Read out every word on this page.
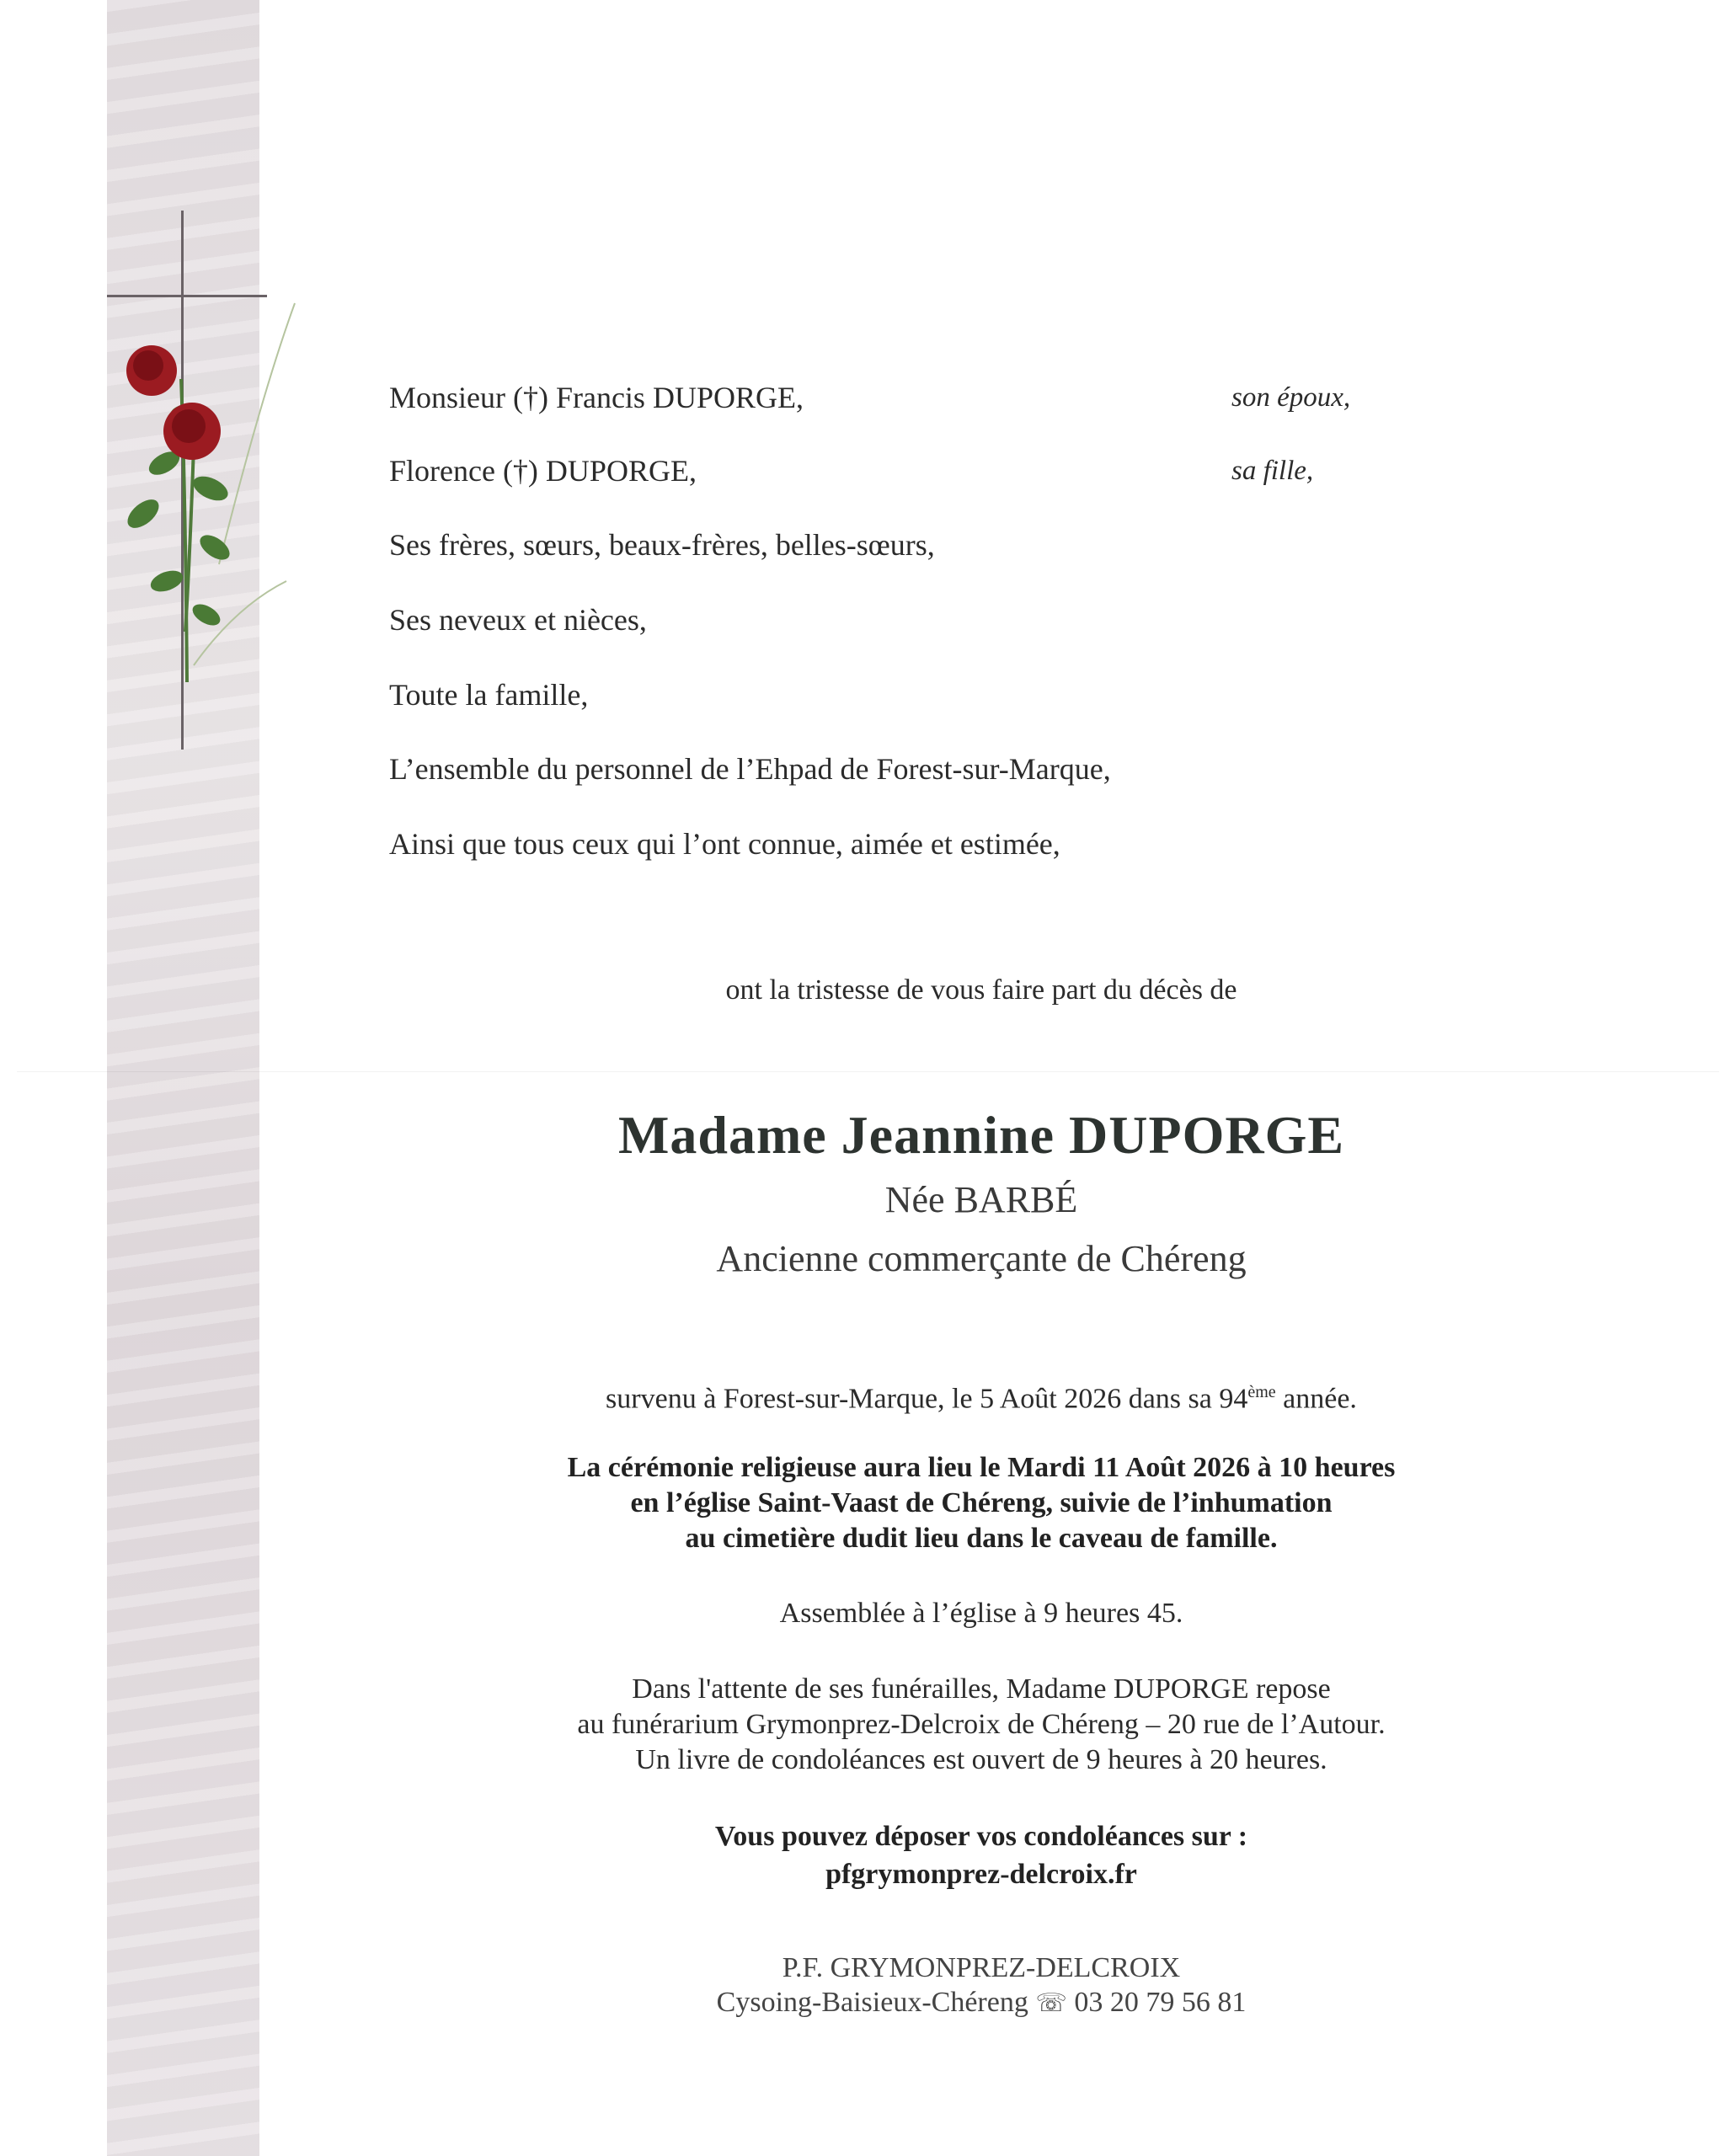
Monsieur (†) Francis DUPORGE,	son époux,
Florence (†) DUPORGE,	sa fille,
Ses frères, sœurs, beaux-frères, belles-sœurs,
Ses neveux et nièces,
Toute la famille,
L’ensemble du personnel de l’Ehpad de Forest-sur-Marque,
Ainsi que tous ceux qui l’ont connue, aimée et estimée,
ont la tristesse de vous faire part du décès de
Madame Jeannine DUPORGE
Née BARBÉ
Ancienne commerçante de Chéreng
survenu à Forest-sur-Marque, le 5 Août 2026 dans sa 94ème année.
La cérémonie religieuse aura lieu le Mardi 11 Août 2026 à 10 heures
en l’église Saint-Vaast de Chéreng, suivie de l’inhumation
au cimetière dudit lieu dans le caveau de famille.
Assemblée à l’église à 9 heures 45.
Dans l'attente de ses funérailles, Madame DUPORGE repose
au funérarium Grymonprez-Delcroix de Chéreng – 20 rue de l’Autour.
Un livre de condoléances est ouvert de 9 heures à 20 heures.
Vous pouvez déposer vos condoléances sur :
pfgrymonprez-delcroix.fr
P.F. GRYMONPREZ-DELCROIX
Cysoing-Baisieux-Chéreng ☏ 03 20 79 56 81
